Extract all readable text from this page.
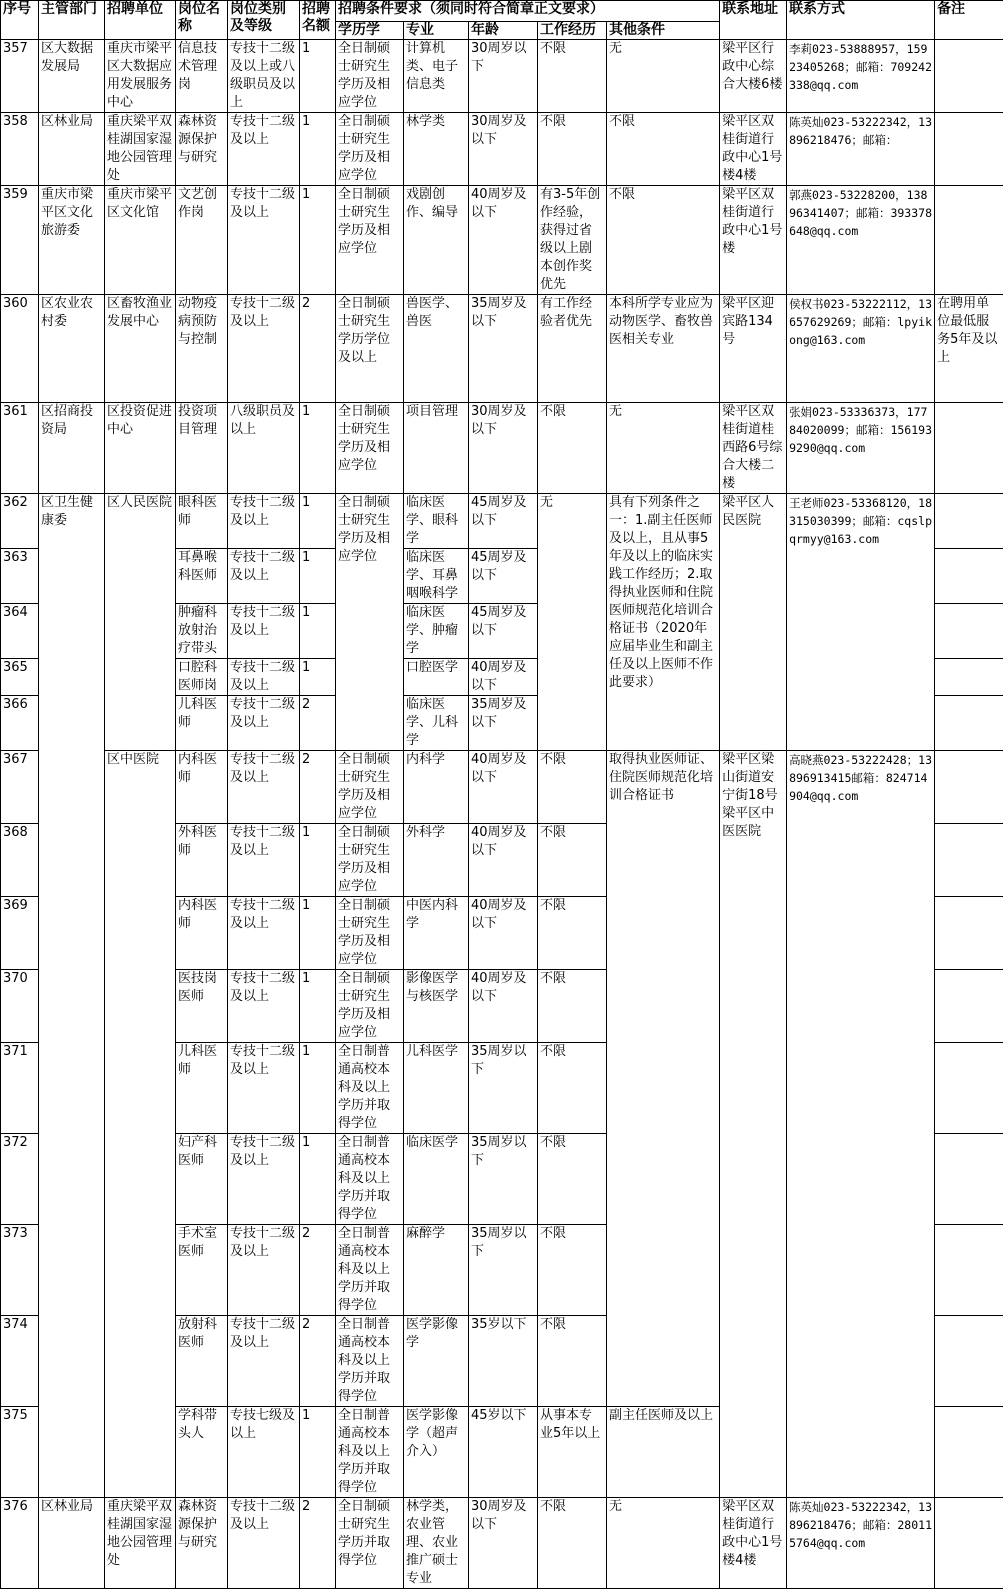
序号	主管部门	招聘单位	岗位名称	岗位类别及等级	招聘名额	招聘条件要求（须同时符合简章正文要求）					联系地址	联系方式	备注
						学历学	专业	年龄	工作经历	其他条件			
357	区大数据发展局	重庆市梁平区大数据应用发展服务中心	信息技术管理岗	专技十二级及以上或八级职员及以上	1	全日制硕士研究生学历及相应学位	计算机类、电子信息类	30周岁以下	不限	无	梁平区行政中心综合大楼6楼	李莉023-53888957，15923405268；邮箱：709242338@qq.com	
358	区林业局	重庆梁平双桂湖国家湿地公园管理处	森林资源保护与研究	专技十二级及以上	1	全日制硕士研究生学历及相应学位	林学类	30周岁及以下	不限	不限	梁平区双桂街道行政中心1号楼4楼	陈英灿023-53222342，13896218476；邮箱：	
359	重庆市梁平区文化旅游委	重庆市梁平区文化馆	文艺创作岗	专技十二级及以上	1	全日制硕士研究生学历及相应学位	戏剧创作、编导	40周岁及以下	有3-5年创作经验，获得过省级以上剧本创作奖优先	不限	梁平区双桂街道行政中心1号楼	郭燕023-53228200，13896341407；邮箱：393378648@qq.com	
360	区农业农村委	区畜牧渔业发展中心	动物疫病预防与控制	专技十二级及以上	2	全日制硕士研究生学历学位及以上	兽医学、兽医	35周岁及以下	有工作经验者优先	本科所学专业应为动物医学、畜牧兽医相关专业	梁平区迎宾路134号	侯权书023-53222112，13657629269；邮箱：lpyikong@163.com	在聘用单位最低服务5年及以上
361	区招商投资局	区投资促进中心	投资项目管理	八级职员及以上	1	全日制硕士研究生学历及相应学位	项目管理	30周岁及以下	不限	无	梁平区双桂街道桂西路6号综合大楼二楼	张娟023-53336373，17784020099；邮箱：1561939290@qq.com	
362	区卫生健康委	区人民医院	眼科医师	专技十二级及以上	1	全日制硕士研究生学历及相应学位	临床医学、眼科学	45周岁及以下	无	具有下列条件之一：1.副主任医师及以上，且从事5年及以上的临床实践工作经历；2.取得执业医师和住院医师规范化培训合格证书（2020年应届毕业生和副主任及以上医师不作此要求）	梁平区人民医院	王老师023-53368120，18315030399；邮箱：cqslpqrmyy@163.com	
363			耳鼻喉科医师	专技十二级及以上	1		临床医学、耳鼻咽喉科学	45周岁及以下					
364			肿瘤科放射治疗带头	专技十二级及以上	1		临床医学、肿瘤学	45周岁及以下					
365			口腔科医师岗	专技十二级及以上	1		口腔医学	40周岁及以下					
366			儿科医师	专技十二级及以上	2		临床医学、儿科学	35周岁及以下					
367		区中医院	内科医师	专技十二级及以上	2	全日制硕士研究生学历及相应学位	内科学	40周岁及以下	不限	取得执业医师证、住院医师规范化培训合格证书	梁平区梁山街道安宁街18号梁平区中医医院	高晓燕023-53222428；13896913415邮箱：824714904@qq.com	
368			外科医师	专技十二级及以上	1	全日制硕士研究生学历及相应学位	外科学	40周岁及以下	不限				
369			内科医师	专技十二级及以上	1	全日制硕士研究生学历及相应学位	中医内科学	40周岁及以下	不限				
370			医技岗医师	专技十二级及以上	1	全日制硕士研究生学历及相应学位	影像医学与核医学	40周岁及以下	不限				
371			儿科医师	专技十二级及以上	1	全日制普通高校本科及以上学历并取得学位	儿科医学	35周岁以下	不限				
372			妇产科医师	专技十二级及以上	1	全日制普通高校本科及以上学历并取得学位	临床医学	35周岁以下	不限				
373			手术室医师	专技十二级及以上	2	全日制普通高校本科及以上学历并取得学位	麻醉学	35周岁以下	不限				
374			放射科医师	专技十二级及以上	2	全日制普通高校本科及以上学历并取得学位	医学影像学	35岁以下	不限				
375			学科带头人	专技七级及以上	1	全日制普通高校本科及以上学历并取得学位	医学影像学（超声介入）	45岁以下	从事本专业5年以上	副主任医师及以上			
376	区林业局	重庆梁平双桂湖国家湿地公园管理处	森林资源保护与研究	专技十二级及以上	2	全日制硕士研究生学历并取得学位	林学类，农业管理、农业推广硕士专业	30周岁及以下	不限	无	梁平区双桂街道行政中心1号楼4楼	陈英灿023-53222342，13896218476；邮箱：280115764@qq.com	
